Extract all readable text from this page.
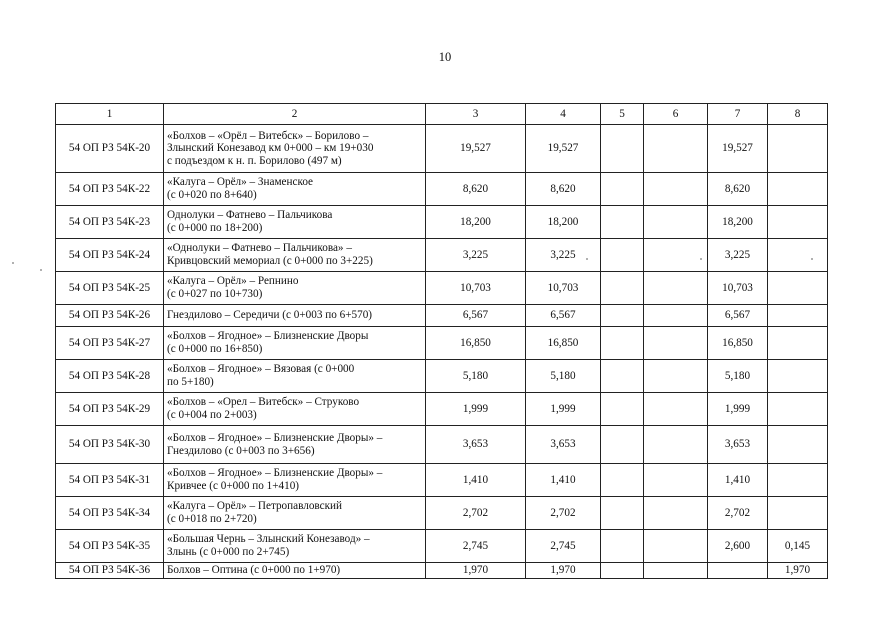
10
1	2	3	4	5	6	7	8
54 ОП РЗ 54К-20	«Болхов – «Орёл – Витебск» – Борилово –
Злынский Конезавод км 0+000 – км 19+030
с подъездом к н. п. Борилово (497 м)	19,527	19,527			19,527	
54 ОП РЗ 54К-22	«Калуга – Орёл» – Знаменское
(с 0+020 по 8+640)	8,620	8,620			8,620	
54 ОП РЗ 54К-23	Однолуки – Фатнево – Пальчикова
(с 0+000 по 18+200)	18,200	18,200			18,200	
54 ОП РЗ 54К-24	«Однолуки – Фатнево – Пальчикова» –
Кривцовский мемориал (с 0+000 по 3+225)	3,225	3,225			3,225	
54 ОП РЗ 54К-25	«Калуга – Орёл» – Репнино
(с 0+027 по 10+730)	10,703	10,703			10,703	
54 ОП РЗ 54К-26	Гнездилово – Середичи (с 0+003 по 6+570)	6,567	6,567			6,567	
54 ОП РЗ 54К-27	«Болхов – Ягодное» – Близненские Дворы
(с 0+000 по 16+850)	16,850	16,850			16,850	
54 ОП РЗ 54К-28	«Болхов – Ягодное» – Вязовая (с 0+000
по 5+180)	5,180	5,180			5,180	
54 ОП РЗ 54К-29	«Болхов – «Орел – Витебск» – Струково
(с 0+004 по 2+003)	1,999	1,999			1,999	
54 ОП РЗ 54К-30	«Болхов – Ягодное» – Близненские Дворы» –
Гнездилово (с 0+003 по 3+656)	3,653	3,653			3,653	
54 ОП РЗ 54К-31	«Болхов – Ягодное» – Близненские Дворы» –
Кривчее (с 0+000 по 1+410)	1,410	1,410			1,410	
54 ОП РЗ 54К-34	«Калуга – Орёл» – Петропавловский
(с 0+018 по 2+720)	2,702	2,702			2,702	
54 ОП РЗ 54К-35	«Большая Чернь – Злынский Конезавод» –
Злынь (с 0+000 по 2+745)	2,745	2,745			2,600	0,145
54 ОП РЗ 54К-36	Болхов – Оптина (с 0+000 по 1+970)	1,970	1,970				1,970
